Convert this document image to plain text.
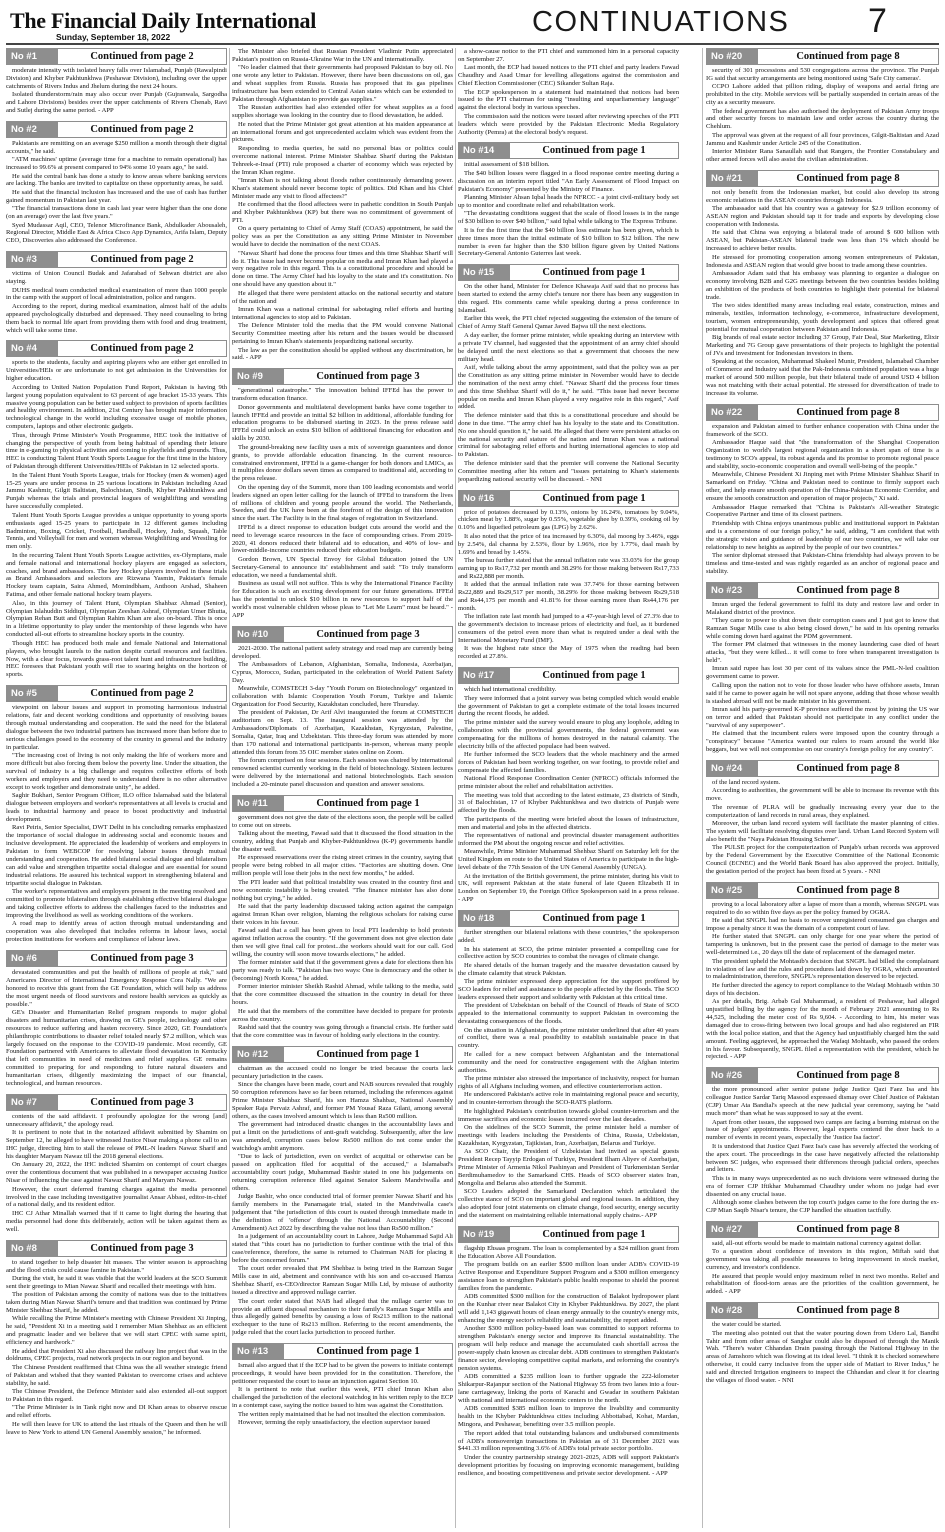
The Financial Daily International
Sunday, September 18, 2022	CONTINUATIONS 7
No #1	Continued from page 2

moderate intensity with isolated heavy falls over Islamabad, Punjab (Rawalpindi Division) and Khyber Pakhtunkhwa (Peshawar Division), including over the upper catchments of Rivers Indus and Jhelum during the next 24 hours.

Isolated thunderstorm/rain may also occur over Punjab (Gujranwala, Sargodha and Lahore Divisions) besides over the upper catchments of Rivers Chenab, Ravi and Sutlej during the same period. - APP

No #2	Continued from page 2

Pakistanis are remitting on an average $250 million a month through their digital accounts," he said.

"ATM machines' uptime (average time for a machine to remain operational) has increased to 99.6% at present compared to 94% some 10 years ago," he said.

He said the central bank has done a study to know areas where banking services are lacking. The banks are invited to capitalize on these opportunity areas, he said.

He said that the financial inclusion has increased and the use of cash has further gained momentum in Pakistan last year.

"The financial transactions done in cash last year were higher than the one done (on an average) over the last five years."

Syed Mudassar Aqil, CEO, Telenor Microfinance Bank, Abdulkader Abousaleh, Regional Director, Middle East & Africa Cisco App Dynamics, Arifa Islam, Deputy CEO, Discoveries also addressed the Conference.

No #3	Continued from page 2

victims of Union Council Budak and Jafarabad of Sehwan district are also staying.

DUHS medical team conducted medical examination of more than 1000 people in the camp with the support of local administration, police and rangers.

According to the report, during medical examination, almost half of the adults appeared psychologically disturbed and depressed. They need counseling to bring them back to normal life apart from providing them with food and drug treatment, which will take some time.

No #4	Continued from page 2

sports to the students, faculty and aspiring players who are either get enrolled in Universities/HEIs or are unfortunate to not get admission in the Universities for higher education.

According to United Nation Population Fund Report, Pakistan is having 9th largest young population equivalent to 63 percent of age bracket 15-33 years. This massive young population can be better used subject to provision of sports facilities and healthy environment. In addition, 21st Century has brought major information technological change in the world including excessive usage of mobile phones, computers, laptops and other electronic gadgets.

Thus, through Prime Minister's Youth Programme, HEC took the initiative of changing the perspective of youth from being habitual of spending their leisure time in e-gaming to physical activities and coming to playfields and grounds. Thus, HEC is conducting Talent Hunt Youth Sports League for the first time in the history of Pakistan through different Universities/HEIs of Pakistan in 12 selected sports.

In the Talent Hunt Youth Sports League, trials for Hockey (men & women) aged 15-25 years are under process in 25 various locations in Pakistan including Azad Jammu Kashmir, Gilgit Baltistan, Balochistan, Sindh, Khyber Pakhtunkhwa and Punjab whereas the trials and provincial leagues of weightlifting and wrestling have successfully completed.

Talent Hunt Youth Sports League provides a unique opportunity to young sports enthusiasts aged 15-25 years to participate in 12 different games including Badminton, Boxing, Cricket, Football, Handball, Hockey, Judo, Squash, Table Tennis, and Volleyball for men and women whereas Weightlifting and Wrestling for men only.

In the recurring Talent Hunt Youth Sports League activities, ex-Olympians, male and female national and international hockey players are engaged as selectors, coaches, and brand ambassadors. The key Hockey players involved in these trials as Brand Ambassadors and selectors are Rizwana Yasmin, Pakistan's female Hockey team captain, Saira Ahmed, Momindbham, Anthoon Arshad, Shaheen Fatima, and other female national hockey team players.

Also, in this journey of Talent Hunt, Olympian Shahbaz Ahmad (Senior), Olympian Islahuddin Siddiqui, Olympian Zeeshan Ashraf, Olympian Umer Bhutta, Olympian Rehan Butt and Olympian Rahim Khan are also on-board. This is once in a lifetime opportunity to play under the mentorship of these legends who have conducted all-out efforts to streamline hockey sports in the country.

Though HEC has produced both male and female National and International players, who brought laurels to the nation despite curtail resources and facilities. Now, with a clear focus, towards grass-root talent hunt and infrastructure building, HEC foresees that Pakistani youth will rise to soaring heights on the horizon of sports.

No #5	Continued from page 2

viewpoint on labour issues and support in promoting harmonious industrial relations, fair and decent working conditions and opportunity of resolving issues through mutual understanding and cooperation. He said the need for the bilateral dialogue between the two industrial partners has increased more than before due to serious challenges posed to the economy of the country in general and the industry in particular.

"The increasing cost of living is not only making the life of workers more and more difficult but also forcing them below the poverty line. Under the situation, the survival of industry is a big challenge and requires collective efforts of both workers and employers and they need to understand there is no other alternative except to work together and demonstrate unity", he added.

Saghir Bukhari, Senior Program Officer, ILO office Islamabad said the bilateral dialogue between employers and worker's representatives at all levels is crucial and leads to industrial harmony and peace to boost productivity and industrial development.

Ravi Peiris, Senior Specialist, DWT Delhi in his concluding remarks emphasized the importance of social dialogue in addressing social and economic issues and inclusive development. He appreciated the leadership of workers and employers in Pakistan to form WEBCOP for resolving labour issues through mutual understanding and cooperation. He added bilateral social dialogue and bilateralism can add value and strengthen tripartite social dialogue and are essential for sound industrial relations. He assured his technical support in strengthening bilateral and tripartite social dialogue in Pakistan.

The worker's representatives and employers present in the meeting resolved and committed to promote bilateralism through establishing effective bilateral dialogue and taking collective efforts to address the challenges faced to the industries and improving the livelihood as well as working conditions of the workers.

A road map to identify areas of action through mutual understanding and cooperation was also developed that includes reforms in labour laws, social protection institutions for workers and compliance of labour laws.

No #6	Continued from page 3

devastated communities and put the health of millions of people at risk," said Americares Director of International Emergency Response Cora Nally. "We are honored to receive this grant from the GE Foundation, which will help us address the most urgent needs of flood survivors and restore health services as quickly as possible."

GE's Disaster and Humanitarian Relief program responds to major global disasters and humanitarian crises, drawing on GE's people, technology and other resources to reduce suffering and hasten recovery. Since 2020, GE Foundation's philanthropic contributions to disaster relief totaled nearly $7.2 million, which was largely focused on the response to the COVID-19 pandemic. Most recently, GE Foundation partnered with Americares to alleviate flood devastation in Kentucky that left communities in need of medicines and relief supplies. GE remains committed to preparing for and responding to future natural disasters and humanitarian crises, diligently maximizing the impact of our financial, technological, and human resources.

No #7	Continued from page 3

contents of the said affidavit. I profoundly apologize for the wrong [and] unnecessary affidavit," the apology read.

It is pertinent to note that in the notarized affidavit submitted by Shamim on September 12, he alleged to have witnessed Justice Nisar making a phone call to an IHC judge, directing him to stall the release of PML-N leaders Nawaz Sharif and his daughter Maryam Nawaz till the 2018 general elections.

On January 20, 2022, the IHC indicted Shamim on contempt of court charges over the contentious document that was published in a newspaper accusing Justice Nisar of influencing the case against Nawaz Sharif and Maryam Nawaz.

However, the court deferred framing charges against the media personnel involved in the case including investigative journalist Ansar Abbasi, editor-in-chief of a national daily, and its resident editor.

IHC CJ Athar Minallah warned that if it came to light during the hearing that media personnel had done this deliberately, action will be taken against them as well.

No #8	Continued from page 3

to stand together to help disaster hit masses. The winter season is approaching and the flood crisis could cause famine in Pakistan."

During the visit, he said it was visible that the world leaders at the SCO Summit sent their greetings to Mian Nawaz Sharif and recalled their meetings with him.

The position of Pakistan among the comity of nations was due to the initiatives taken during Mian Nawaz Sharif's tenure and that tradition was continued by Prime Minister Shehbaz Sharif, he added.

While recalling the Prime Minister's meeting with Chinese President Xi Jinping, he said, "President Xi in a meeting said I remember Mian Shehbaz as an efficient and pragmatic leader and we believe that we will start CPEC with same spirit, efficiency and hardwork."

He added that President Xi also discussed the railway line project that was in the doldrums, CPEC projects, road network projects in our region and beyond.

The Chinese President reaffirmed that China was the all weather strategic friend of Pakistan and wished that they wanted Pakistan to overcome crises and achieve stability, he said.

The Chinese President, the Defence Minister said also extended all-out support to Pakistan in this regard.

"The Prime Minister is in Tank right now and DI Khan areas to observe rescue and relief efforts.

He will then leave for UK to attend the last rituals of the Queen and then he will leave to New York to attend UN General Assembly session," he informed.

The Minister also briefed that Russian President Vladimir Putin appreciated Pakistan's position on Russia-Ukraine War in the UN and internationally.

"No leader claimed that their governments had proposed Pakistan to buy oil. No one wrote any letter to Pakistan. However, there have been discussions on oil, gas and wheat supplies from Russia. Russia has proposed that its gas pipelines infrastructure has been extended to Central Asian states which can be extended to Pakistan through Afghanistan to provide gas supplies."

The Russian authorities had also extended offer for wheat supplies as a food supplies shortage was looking in the country due to flood devastation, he added.

He noted that the Prime Minister got great attention at his maiden appearance at an international forum and got unprecedented acclaim which was evident from the pictures.

Responding to media queries, he said no personal bias or politics could overcome national interest. Prime Minister Shahbaz Sharif during the Pakistan Tehreek-e-Insaf (PTI) rule proposed a charter of economy which was rejected by the Imran Khan regime.

"Imran Khan is not talking about floods rather continuously demanding power. Khan's statement should never become topic of politics. Did Khan and his Chief Minister made any visit to flood affectees?"

He confirmed that the flood affectees were in pathetic condition in South Punjab and Khyber Pakhtunkhwa (KP) but there was no commitment of government of PTI.

On a query pertaining to Chief of Army Staff (COAS) appointment, he said the policy was as per the Constitution as any sitting Prime Minister in November would have to decide the nomination of the next COAS.

"Nawaz Sharif had done the process four times and this time Shahbaz Sharif will do it. This issue had never become popular on media and Imran Khan had played a very negative role in this regard. This is a constitutional procedure and should be done on time. The Army Chief had his loyalty to the state and it's constitution. No one should have any question about it."

He alleged that there were persistent attacks on the national security and stature of the nation and

Imran Khan was a national criminal for sabotaging relief efforts and hurting international agencies to stop aid to Pakistan.

The Defence Minister told the media that the PM would convene National Security Committee meeting after his return and the issues would be discussed pertaining to Imran Khan's statements jeopardizing national security.

The law as per the constitution should be applied without any discrimination, he said. - APP

No #9	Continued from page 3

"generational catastrophe." The innovation behind IFFEd has the power to transform education finance.

Donor governments and multilateral development banks have come together to launch IFFEd and provide an initial $2 billion in additional, affordable funding for education programs to be disbursed starting in 2023. In the press release said IFFEd could unlock an extra $10 billion of additional financing for education and skills by 2030.

The ground-breaking new facility uses a mix of sovereign guarantees and donor grants, to provide affordable education financing. In the current resource-constrained environment, IFFEd is a game-changer for both donors and LMICs, as it multiplies donor dollars seven times as compared to traditional aid, according to the press release.

On the opening day of the Summit, more than 100 leading economists and world leaders signed an open letter calling for the launch of IFFEd to transform the lives of millions of children and young people around the world. The Netherlands, Sweden, and the UK have been at the forefront of the design of this innovation since the start. The Facility is in the final stages of registration in Switzerland.

IFFEd is a direct response to education budget cuts around the world and the need to leverage scarce resources in the face of compounding crises. From 2019-2020, 41 donors reduced their bilateral aid to education, and 40% of low- and lower-middle-income countries reduced their education budgets.

Gordon Brown, UN Special Envoy for Global Education joined the UN Secretary-General to announce its' establishment and said: "To truly transform education, we need a fundamental shift.

Business as usual will not suffice. This is why the International Finance Facility for Education is such an exciting development for our future generations. IFFEd has the potential to unlock $10 billion in new resources to support half of the world's most vulnerable children whose pleas to "Let Me Learn" must be heard." - APP

No #10	Continued from page 3

2021-2030. The national patient safety strategy and road map are currently being developed.

The Ambassadors of Lebanon, Afghanistan, Somalia, Indonesia, Azerbaijan, Cyprus, Morocco, Sudan, participated in the celebration of World Patient Safety Day.

Meanwhile, COMSTECH 3-day "Youth Forum on Biotechnology" organized in collaboration with Islamic Cooperation Youth Forum, Turkiye and Islamic Organization for Food Security, Kazakhstan concluded, here Thursday.

The president of Pakistan, Dr Arif Alvi inaugurated the forum at COMSTECH auditorium on Sept. 13. The inaugural session was attended by the Ambassadors/Diplomats of Azerbaijan, Kazakhstan, Kyrgyzstan, Palestine, Somalia, Qatar, Iraq and Uzbekistan. This three-day forum was attended by more than 170 national and international participants in-person, whereas many people attended this forum from 35 OIC member states online on Zoom.

The forum comprised on four sessions. Each session was chaired by international renowned scientist currently working in the field of biotechnology. Sixteen lectures were delivered by the international and national biotechnologists. Each session included a 20-minute panel discussion and question and answer sessions.

No #11	Continued from page 1

government does not give the date of the elections soon, the people will be called to come out on streets.

Talking about the meeting, Fawad said that it discussed the flood situation in the country, adding that Punjab and Khyber-Pakhtunkhwa (K-P) governments handle the disaster well.

He expressed reservations over the rising street crimes in the country, saying that people were being robbed in all major cities. "Factories are shutting down. One million people will lose their jobs in the next few months," he added.

The PTI leader said that political instability was created in the country first and now economic instability is being created. "The finance minister has also done nothing but crying," he added.

He said that the party leadership discussed taking action against the campaign against Imran Khan over religion, blaming the religious scholars for raising curse their voices in his favour.

Fawad said that a call has been given to local PTI leadership to hold protests against inflation across the country. "If the government does not give election date then we will give final call for protest...the workers should wait for our call. God willing, the country will soon move towards elections," he added.

The former minister said that if the government gives a date for elections then his party was ready to talk. "Pakistan has two ways: One is democracy and the other is (becoming) North Korea," he added.

Former interior minister Sheikh Rashid Ahmad, while talking to the media, said that the core committee discussed the situation in the country in detail for three hours.

He said that the members of the committee have decided to prepare for protests across the country.

Rashid said that the country was going through a financial crisis. He further said that the core committee was in favour of holding early elections in the country.

No #12	Continued from page 1

chairman as the accused could no longer be tried because the courts lack pecuniary jurisdiction in the cases.

Since the changes have been made, court and NAB sources revealed that roughly 50 corruption references have so far been returned, including the references against Prime Minister Shahbaz Sharif, his son Hamza Shahbaz, National Assembly Speaker Raja Pervaiz Ashraf, and former PM Yousaf Raza Gilani, among several others, as the cases involved amount which is less than Rs500 million.

The government had introduced drastic changes in the accountability laws and put a limit on the jurisdictions of anti-graft watchdog. Subsequently, after the law was amended, corruption cases below Rs500 million do not come under the watchdog's ambit anymore.

"Due to lack of jurisdiction, even on verdict of acquittal or otherwise can be passed on application filed for acquittal of the accused," a Islamabad's accountability court judge, Muhammad Bashir stated in one his judgements on returning corruption reference filed against Senator Saleem Mandviwalla and others.

Judge Bashir, who once conducted trial of former premier Nawaz Sharif and his family members in the Panamagate trial, stated in the Mandviwalla case's judgement that "the jurisdiction of this court is ousted through immediate made in the definition of 'offence' through the National Accountability (Second Amendment) Act 2022 by describing the value not less than Rs500 million."

In a judgement of an accountability court in Lahore, Judge Muhammad Sajid Ali stated that "this court has no jurisdiction to further continue with the trial of this case/reference, therefore, the same is returned to Chairman NAB for placing it before the concerned forum."

The court order revealed that PM Shehbaz is being tried in the Ramzan Sugar Mills case in aid, abetment and connivance with his son and co-accused Hamza Shehbaz Sharif, ex-CEO/director Ramzan Sugar Mills Ltd, by misuse of authority issued a directive and approved nullage carrier.

The court order stated that NAB had alleged that the nullage carrier was to provide an affluent disposal mechanism to their family's Ramzan Sugar Mills and thus allegedly gained benefits by causing a loss of Rs213 million to the national exchequer to the tune of Rs213 million. Referring to the recent amendments, the judge ruled that the court lacks jurisdiction to proceed further.

No #13	Continued from page 1

Ismail also argued that if the ECP had to be given the powers to initiate contempt proceedings, it would have been provided for in the constitution. Therefore, the petitioner requested the court to issue an injunction against Section 10.

It is pertinent to note that earlier this week, PTI chief Imran Khan also challenged the jurisdiction of the electoral watchdog in his written reply to the ECP in a contempt case, saying the notice issued to him was against the Constitution.

The written reply maintained that he had not insulted the election commission.

However, terming the reply unsatisfactory, the election supervisor issued

a show-cause notice to the PTI chief and summoned him in a personal capacity on September 27.

Last month, the ECP had issued notices to the PTI chief and party leaders Fawad Chaudhry and Asad Umar for levelling allegations against the commission and Chief Election Commissioner (CEC) Sikander Sultan Raja.

The ECP spokesperson in a statement had maintained that notices had been issued to the PTI chairman for using "insulting and unparliamentary language" against the electoral body in various speeches.

The commission said the notices were issued after reviewing speeches of the PTI leaders which were provided by the Pakistan Electronic Media Regulatory Authority (Pemra) at the electoral body's request.

No #14	Continued from page 1

initial assessment of $18 billion.

The $40 billion losses were flagged in a flood response centre meeting during a discussion on an interim report titled "An Early Assessment of Flood Impact on Pakistan's Economy" presented by the Ministry of Finance.

Planning Minister Ahsan Iqbal heads the NFRCC - a joint civil-military body set up to monitor and coordinate relief and rehabilitation work.

"The devastating conditions suggest that the scale of flood losses is in the range of $30 billion to over $40 billion," said Iqbal while talking to The Express Tribune.

It is for the first time that the $40 billion loss estimate has been given, which is three times more than the initial estimate of $10 billion to $12 billion. The new number is even far higher than the $30 billion figure given by United Nations Secretary-General Antonio Guterres last week.

No #15	Continued from page 1

On the other hand, Minister for Defence Khawaja Asif said that no process has been started to extend the army chief's tenure nor there has been any suggestion in this regard. His comments came while speaking during a press conference in Islamabad.

Earlier this week, the PTI chief rejected suggesting the extension of the tenure of Chief of Army Staff General Qamar Javed Bajwa till the next elections.

A day earlier, the former prime minister, while speaking during an interview with a private TV channel, had suggested that the appointment of an army chief should be delayed until the next elections so that a government that chooses the new military head.

Asif, while talking about the army appointment, said that the policy was as per the Constitution as any sitting prime minister in November would have to decide the nomination of the next army chief. "Nawaz Sharif did the process four times and this time Shehbaz Sharif will do it," he said. "This issue had never become popular on media and Imran Khan played a very negative role in this regard," Asif added.

The defence minister said that this is a constitutional procedure and should be done in due time. "The army chief has his loyalty to the state and its Constitution. No one should question it," he said. He alleged that there were persistent attacks on the national security and stature of the nation and Imran Khan was a national criminal for sabotaging relief efforts and hurting international agencies to stop aid to Pakistan.

The defence minister said that the premier will convene the National Security Committee meeting after his return and "issues pertaining to Khan's statements jeopardizing national security will be discussed. - NNI

No #16	Continued from page 1

price of potatoes decreased by 0.13%, onions by 16.24%, tomatoes by 9.04%, chicken meat by 1.88%, sugar by 0.55%, vegetable ghee by 0.39%, cooking oil by 0.10% and liquefied petroleum gas (LPG) by 2.62%.

It also noted that the price of tea increased by 6.30%, dal moong by 3.46%, eggs by 2.54%, dal channa by 2.53%, flour by 1.96%, rice by 1.77%, daal mash by 1.69% and bread by 1.45%.

The bureau further stated that the annual inflation rate was 33.03% for the group earning up to Rs17,732 per month and 38.29% for those making between Rs17,733 and Rs22,888 per month.

It added that the annual inflation rate was 37.74% for those earning between Rs22,889 and Rs29,517 per month, 38.29% for those making between Rs29,518 and Rs44,175 per month and 41.81% for those earning more than Rs44,176 per month.

The inflation rate last month had jumped to a 47-year-high level of 27.3% due to the government's decision to increase prices of electricity and fuel, as it burdened consumers of the petrol even more than what is required under a deal with the International Monetary Fund (IMF).

It was the highest rate since the May of 1975 when the reading had been recorded at 27.8%.

No #17	Continued from page 1

which had international credibility.

They were informed that a joint survey was being compiled which would enable the government of Pakistan to get a complete estimate of the total losses incurred during the recent floods, he added.

The prime minister said the survey would ensure to plug any loophole, adding in collaboration with the provincial governments, the federal government was compensating for the millions of homes destroyed in the natural calamity. The electricity bills of the affected populace had been waived.

He further informed the SCO leaders that the whole machinery and the armed forces of Pakistan had been working together, on war footing, to provide relief and compensate the affected families.

National Flood Response Coordination Center (NFRCC) officials informed the prime minister about the relief and rehabilitation activities.

The meeting was told that according to the latest estimate, 23 districts of Sindh, 31 of Balochistan, 17 of Khyber Pakhtunkhwa and two districts of Punjab were affected by the floods.

The participants of the meeting were briefed about the losses of infrastructure, men and material and jobs in the affected districts.

The representatives of national and provincial disaster management authorities informed the PM about the ongoing rescue and relief activities.

Meanwhile, Prime Minister Muhammad Shehbaz Sharif on Saturday left for the United Kingdom en route to the United States of America to participate in the high-level debate of the 77th Session of the UN General Assembly (UNGA).

At the invitation of the British government, the prime minister, during his visit to UK, will represent Pakistan at the state funeral of late Queen Elizabeth II in London on September 19, the Foreign Office Spokesperson said in a press release. - APP

No #18	Continued from page 1

further strengthen our bilateral relations with these countries," the spokesperson added.

In his statement at SCO, the prime minister presented a compelling case for collective action by SCO countries to combat the ravages of climate change.

He shared details of the human tragedy and the massive devastation caused by the climate calamity that struck Pakistan.

The prime minister expressed deep appreciation for the support proffered by SCO leaders for relief and assistance to the people affected by the floods. The SCO leaders expressed their support and solidarity with Pakistan at this critical time.

The president of Uzbekistan on behalf of the Council of Heads of State of SCO appealed to the international community to support Pakistan in overcoming the devastating consequences of the floods.

On the situation in Afghanistan, the prime minister underlined that after 40 years of conflict, there was a real possibility to establish sustainable peace in that country.

He called for a new compact between Afghanistan and the international community and the need for constructive engagement with the Afghan interim authorities.

The prime minister also stressed the importance of inclusivity, respect for human rights of all Afghans including women, and effective counterterrorism action.

He underscored Pakistan's active role in maintaining regional peace and security, and in counter-terrorism through the SCO-RATS platform.

He highlighted Pakistan's contribution towards global counter-terrorism and the immense sacrifices and economic losses incurred over the last decades.

On the sidelines of the SCO Summit, the prime minister held a number of meetings with leaders including the Presidents of China, Russia, Uzbekistan, Kazakhstan, Kyrgyzstan, Tajikistan, Iran, Azerbaijan, Belarus and Turkiye.

As SCO Chair, the President of Uzbekistan had invited as special guests President Recep Tayyip Erdogan of Turkiye, President Ilham Aliyev of Azerbaijan, Prime Minister of Armenia Nikol Pashinyan and President of Turkmenistan Serdar Berdimuhamedov to the Samarkand CHS. Heads of SCO observer states Iran, Mongolia and Belarus also attended the Summit.

SCO Leaders adopted the Samarkand Declaration which articulated the collective stance of SCO on important global and regional issues. In addition, they also adopted four joint statements on climate change, food security, energy security and the statement on maintaining reliable international supply chains.- APP

No #19	Continued from page 1

flagship Ehsaas program. The loan is complemented by a $24 million grant from the Education Above All Foundation.

The program builds on an earlier $500 million loan under ADB's COVID-19 Active Response and Expenditure Support Program and a $300 million emergency assistance loan to strengthen Pakistan's public health response to shield the poorest families from the pandemic.

ADB committed $300 million for the construction of Balakot hydropower plant on the Kunhar river near Balakot City in Khyber Pakhtunkhwa. By 2027, the plant will add 1,143 gigawatt hours of clean energy annually to the country's energy mix, enhancing the energy sector's reliability and sustainability, the report added.

Another $300 million policy-based loan was committed to support reforms to strengthen Pakistan's energy sector and improve its financial sustainability. The program will help reduce and manage the accumulated cash shortfall across the power-supply chain known as circular debt. ADB continues to strengthen Pakistan's finance sector, developing competitive capital markets, and reforming the country's pension systems.

ADB committed a $235 million loan to further upgrade the 222-kilometer Shikarpur-Rajanpur section of the National Highway 55 from two lanes into a four-lane carriageway, linking the ports of Karachi and Gwadar in southern Pakistan with national and international economic centers to the north.

ADB committed $385 million loan to improve the livability and community health in the Khyber Pakhtunkhwa cities including Abbottabad, Kohat, Mardan, Mingora, and Peshawar, benefiting over 3.5 million people.

The report added that total outstanding balances and undisbursed commitments of ADB's nonsovereign transactions in Pakistan as of 31 December 2021 was $441.33 million representing 3.6% of ADB's total private sector portfolio.

Under the country partnership strategy 2021-2025, ADB will support Pakistan's development priorities by focusing on improving economic management, building resilience, and boosting competitiveness and private sector development. - APP

No #20	Continued from page 8

security of 301 processions and 530 congregations across the province. The Punjab IG said that security arrangements are being monitored using 'Safe City cameras'.

CCPO Lahore added that pillion riding, display of weapons and aerial firing are prohibited in the city. Mobile services will be partially suspended in certain areas of the city as a security measure.

The federal government has also authorised the deployment of Pakistan Army troops and other security forces to maintain law and order across the country during the Chehlum.

The approval was given at the request of all four provinces, Gilgit-Baltistan and Azad Jammu and Kashmir under Article 245 of the Constitution.

Interior Minister Rana Sanaullah said that Rangers, the Frontier Constabulary and other armed forces will also assist the civilian administration.

No #21	Continued from page 8

not only benefit from the Indonesian market, but could also develop its strong economic relations in the ASEAN countries through Indonesia.

The ambassador said that his country was a gateway for $2.9 trillion economy of ASEAN region and Pakistan should tap it for trade and exports by developing close cooperation with Indonesia.

He said that China was enjoying a bilateral trade of around $ 600 billion with ASEAN, but Pakistan-ASEAN bilateral trade was less than 1% which should be increased to achieve better results.

He stressed for promoting cooperation among women entrepreneurs of Pakistan, Indonesia and ASEAN region that would give boost to trade among these countries.

Ambassador Adam said that his embassy was planning to organize a dialogue on economy involving B2B and G2G meetings between the two countries besides holding an exhibition of the products of both countries to highlight their potential for bilateral trade.

The two sides identified many areas including real estate, construction, mines and minerals, textiles, information technology, e-commerce, infrastructure development, tourism, women entrepreneurship, youth development and spices that offered great potential for mutual cooperation between Pakistan and Indonesia.

Big brands of real estate sector including 37 Group, Fair Deal, Star Marketing, Elixir Marketing and 7G Group gave presentations of their projects to highlight the potential of JVs and investment for Indonesian investors in them.

Speaking at the occasion, Muhammad Shakeel Munir, President, Islamabad Chamber of Commerce and Industry said that the Pak-Indonesia combined population was a huge market of around 500 million people, but their bilateral trade of around USD 4 billion was not matching with their actual potential. He stressed for diversification of trade to increase its volume.

No #22	Continued from page 8

expansion and Pakistan aimed to further enhance cooperation with China under the framework of the SCO.

Ambassador Haque said that "the transformation of the Shanghai Cooperation Organization to world's largest regional organization in a short span of time is a testimony to SCO's appeal, its robust agenda and its promise to promote regional peace and stability, socio-economic cooperation and overall well-being of the people."

Meanwhile, Chinese President Xi Jinping met with Prime Minister Shahbaz Sharif in Samarkand on Friday. "China and Pakistan need to continue to firmly support each other, and help ensure smooth operation of the China-Pakistan Economic Corridor, and ensure the smooth construction and operation of major projects," Xi said.

Ambassador Haque remarked that "China is Pakistan's All-weather Strategic Cooperative Partner and time of its closest partners.

Friendship with China enjoys unanimous public and institutional support in Pakistan and is a cornerstone of our foreign policy," he said, adding, "I am confident that with the strategic vision and guidance of leadership of our two countries, we will take our relationship to new heights as aspired by the people of our two countries."

The senior diplomat stressed that Pakistan-China friendship had always proven to be timeless and time-tested and was rightly regarded as an anchor of regional peace and stability.

No #23	Continued from page 8

Imran urged the federal government to fulfil its duty and restore law and order in Malakand district of the province.

"They came to power to shut down their corruption cases and I just got to know that Ramzan Sugar Mills case is also being closed down," he said in his opening remarks while coming down hard against the PDM government.

The former PM claimed that witnesses in the money laundering case died of heart attacks, "but they were killed... it will come to fore when transparent investigation is held".

Imran said rupee has lost 30 per cent of its values since the PML-N-led coalition government came to power.

Calling upon the nation not to vote for those leader who have offshore assets, Imran said if he came to power again he will not spare anyone, adding that those whose wealth is stashed abroad will not be made minister in his government.

Imran said his party-governed K-P province suffered the most by joining the US war on terror and added that Pakistan should not participate in any conflict under the "survival of any superpower".

He claimed that the incumbent rulers were imposed upon the country through a "conspiracy" because "America wanted our rulers to roam around the world like beggars, but we will not compromise on our country's foreign policy for any country".

No #24	Continued from page 8

of the land record system.

According to authorities, the government will be able to increase its revenue with this move.

The revenue of PLRA will be gradually increasing every year due to the computerization of land records in rural areas, they explained.

Moreover, the urban land record system will facilitate the master planning of cities. The system will facilitate resolving disputes over land. Urban Land Record System will also benefit the "Naya Pakistan Housing Scheme".

The PULSE project for the computerization of Punjab's urban records was approved by the Federal Government by the Executive Committee of the National Economic Council (ECNEC) and the World Bank Board has also approved the project. Initially, the gestation period of the project has been fixed at 5 years. - NNI

No #25	Continued from page 8

proving to a local laboratory after a lapse of more than a month, whereas SNGPL was required to do so within five days as per the policy framed by OGRA.

He said that SNGPL had no basis to recover unregistered consumed gas charges and impose a penalty since it was the domain of a competent court of law.

He further stated that SNGPL can only charge for one year where the period of tampering is unknown, but in the present case the period of damage to the meter was well-determined i.e., 20 days till the date of replacement of the damaged meter.

The president upheld the Mohtasib's decision that SNGPL had billed the complainant in violation of law and the rules and procedures laid down by OGRA, which amounted to maladministration, therefore, SNGPL's representation deserved to be rejected.

He further directed the agency to report compliance to the Wafaqi Mohtasib within 30 days of his decision.

As per details, Brig. Arbab Gul Muhammad, a resident of Peshawar, had alleged unjustified billing by the agency for the month of February 2021 amounting to Rs 44,525, including the meter cost of Rs 9,604. - According to him, his meter was damaged due to cross-firing between two local groups and had also registered an FIR with the local police station, and that the Agency had unjustifiably charged him the said amount. Feeling aggrieved, he approached the Wafaqi Mohtasib, who passed the orders in his favour. Subsequently, SNGPL filed a representation with the president, which he rejected. - APP

No #26	Continued from page 8

the more pronounced after senior puisne judge Justice Qazi Faez Isa and his colleague Justice Sardar Tariq Masood expressed dismay over Chief Justice of Pakistan (CJP) Umar Ata Bandial's speech at the new judicial year ceremony, saying he "said much more" than what he was supposed to say at the event.

Apart from other issues, the supposed two camps are facing a burning mistrust on the issue of judges' appointments. However, legal experts contend the door back to a number of events in recent years, especially the 'Justice Isa factor'.

It is understood that Justice Qazi Faez Isa's case has severely affected the working of the apex court. The proceedings in the case have negatively affected the relationship between SC judges, who expressed their differences through judicial orders, speeches and letters.

This is in many ways unprecedented as no such divisions were witnessed during the era of former CJP Iftikhar Muhammad Chaudhry under whom no judge had ever dissented on any crucial issue.

Although some clashes between the top court's judges came to the fore during the ex-CJP Mian Saqib Nisar's tenure, the CJP handled the situation tactfully.

No #27	Continued from page 8

said, all-out efforts would be made to maintain national currency against dollar.

To a question about confidence of investors in this region, Miftah said that government was taking all possible measures to bring improvement in stock market, currency, and investor's confidence.

He assured that people would enjoy maximum relief in next two months. Relief and rehabilitation of flood-torn areas are the priorities of the coalition government, he added. - APP

No #28	Continued from page 8

the water could be started.

The meeting also pointed out that the water pouring down from Udero Lal, Bandhi Tahir and from other areas of Sanghar could also be disposed of through the Manik Wah. "There's water Chhandan Drain passing through the National Highway in the areas of Jamshoro which was flowing at its ideal level. "I think it is checked somewhere otherwise, it could carry inclusive from the upper side of Matiari to River Indus," he said and directed Irrigation engineers to inspect the Chhandan and clear it for clearing the villages of flood water. - NNI
